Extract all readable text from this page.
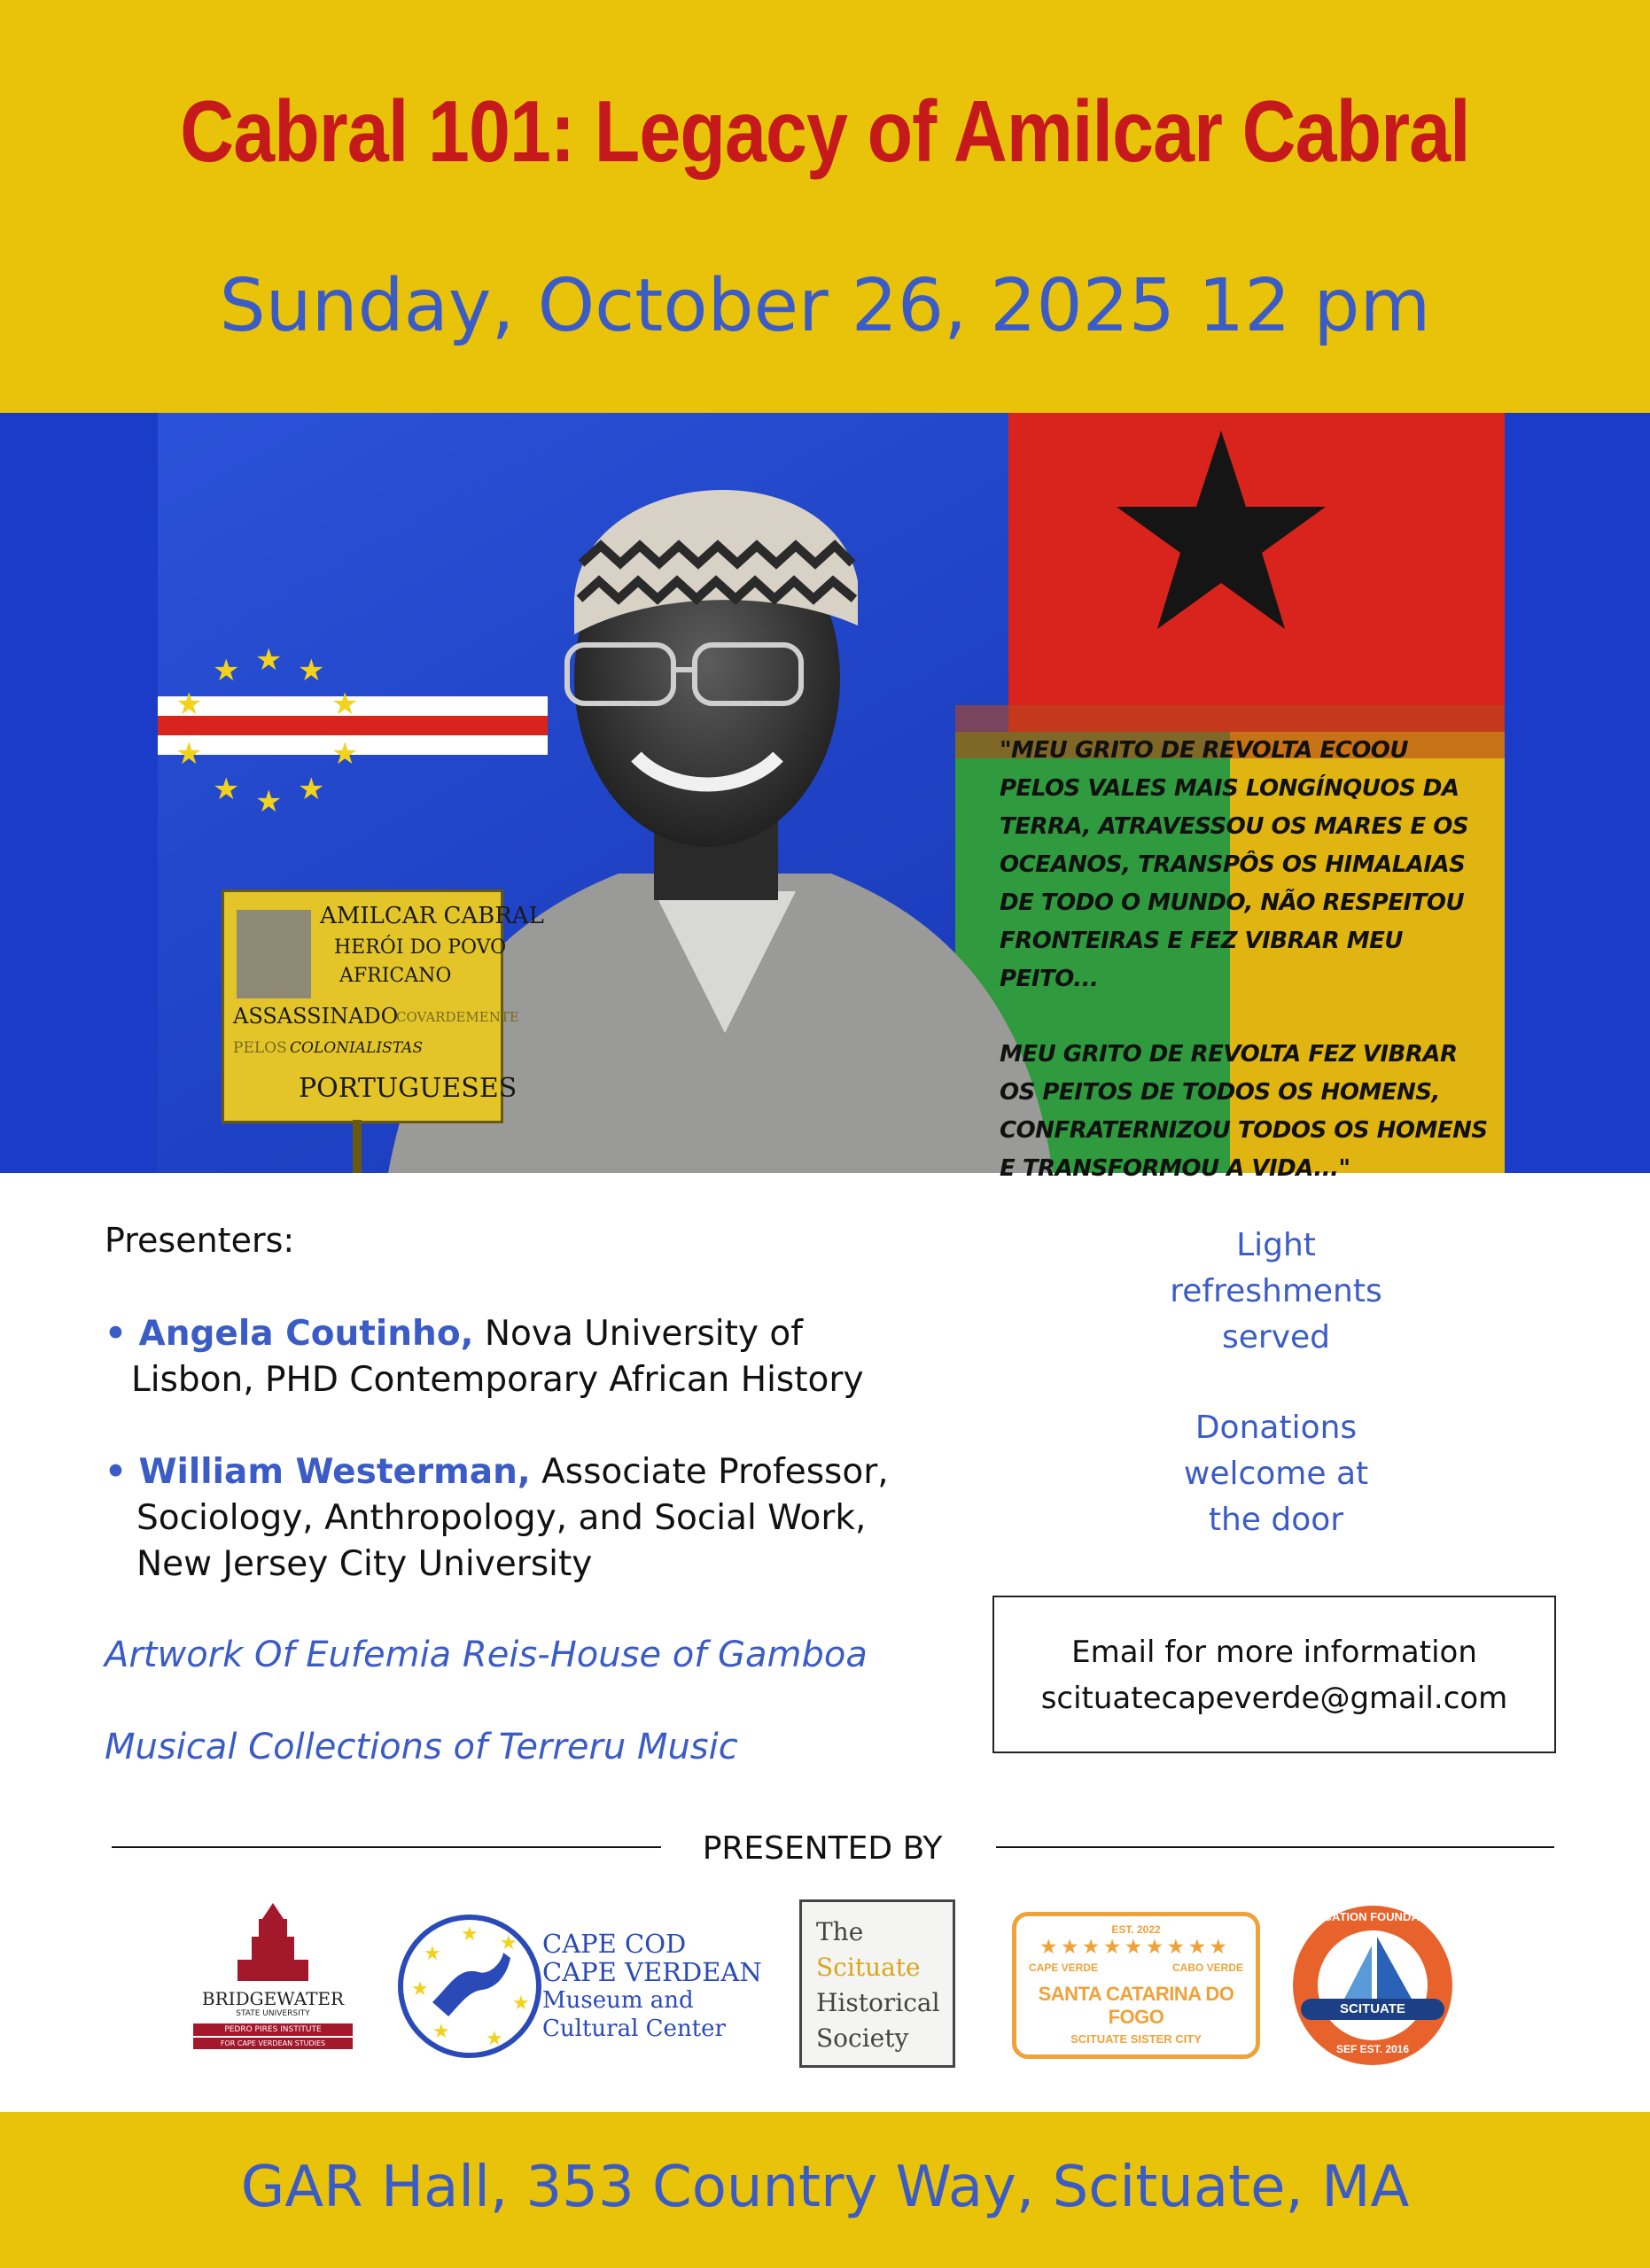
Cabral 101: Legacy of Amilcar Cabral
Sunday, October 26, 2025 12 pm
★ ★ ★
★	★
★	★
★ ★ ★

"MEU GRITO DE REVOLTA ECOOU PELOS VALES MAIS LONGÍNQUOS DA TERRA, ATRAVESSOU OS MARES E OS OCEANOS, TRANSPÔS OS HIMALAIAS DE TODO O MUNDO, NÃO RESPEITOU FRONTEIRAS E FEZ VIBRAR MEU PEITO...

MEU GRITO DE REVOLTA FEZ VIBRAR OS PEITOS DE TODOS OS HOMENS, CONFRATERNIZOU TODOS OS HOMENS E TRANSFORMOU A VIDA..."

AMILCAR CABRAL
HERÓI DO POVO
AFRICANO
ASSASSINADO
COVARDEMENTE
PELOS COLONIALISTAS
PORTUGUESES
Presenters:
• Angela Coutinho, Nova University of
Lisbon, PHD Contemporary African History
• William Westerman, Associate Professor,
Sociology, Anthropology, and Social Work,
New Jersey City University
Artwork Of Eufemia Reis-House of Gamboa
Musical Collections of Terreru Music
Light
refreshments
served
Donations
welcome at
the door
Email for more information
scituatecapeverde@gmail.com
PRESENTED BY
BRIDGEWATER
STATE UNIVERSITY
PEDRO PIRES INSTITUTE
FOR CAPE VERDEAN STUDIES
★
★	★
★
★
★ ★
CAPE COD
CAPE VERDEAN
Museum and
Cultural Center
The
Scituate
Historical
Society
EST. 2022
★★★★★★★★★
CAPE VERDE	CABO VERDE
SANTA CATARINA DO FOGO
SCITUATE SISTER CITY
EDUCATION FOUNDATION
SCITUATE
SEF EST. 2016
GAR Hall, 353 Country Way, Scituate, MA
